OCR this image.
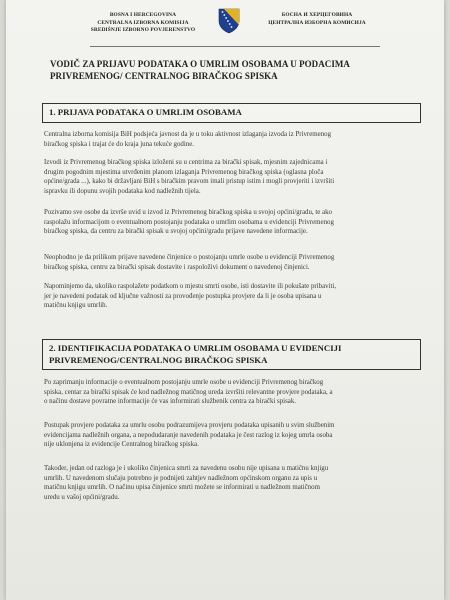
BOSNA I HERCEGOVINA
CENTRALNA IZBORNA KOMISIJA
SREDIŠNJE IZBORNO POVJERENSTVO
БОСНА И ХЕРЦЕГОВИНА
ЦЕНТРАЛНА ИЗБОРНА КОМИСИЈА
VODIČ ZA PRIJAVU PODATAKA O UMRLIM OSOBAMA U PODACIMA
PRIVREMENOG/ CENTRALNOG BIRAČKOG SPISKA
1. PRIJAVA PODATAKA O UMRLIM OSOBAMA
Centralna izborna komisija BiH podsjeća javnost da je u toku aktivnost izlaganja izvoda iz Privremenog
biračkog spiska i trajat će do kraja juna tekuće godine.
Izvodi iz Privremenog biračkog spiska izloženi su u centrima za birački spisak, mjesnim zajednicama i
drugim pogodnim mjestima utvrđenim planom izlaganja Privremenog biračkog spiska (oglasna ploča
općine/grada ...), kako bi državljani BiH s biračkim pravom imali pristup istim i mogli provjeriti i izvršiti
ispravku ili dopunu svojih podataka kod nadležnih tijela.
Pozivamo sve osobe da izvrše uvid u izvod iz Privremenog biračkog spiska u svojoj općini/gradu, te ako
raspolažu informacijom o eventualnom postojanju podataka o umrlim osobama u evidenciji Privremenog
biračkog spiska, da centru za birački spisak u svojoj općini/gradu prijave navedene informacije.
Neophodno je da prilikom prijave navedene činjenice o postojanju umrle osobe u evidenciji Privremenog
biračkog spiska, centru za birački spisak dostavite i raspoloživi dokument o navedenoj činjenici.
Napominjemo da, ukoliko raspolažete podatkom o mjestu smrti osobe, isti dostavite ili pokušate pribaviti,
jer je navedeni podatak od ključne važnosti za provođenje postupka provjere da li je osoba upisana u
matičnu knjigu umrlih.
2. IDENTIFIKACIJA PODATAKA O UMRLIM OSOBAMA U EVIDENCIJI
PRIVREMENOG/CENTRALNOG BIRAČKOG SPISKA
Po zaprimanju informacije o eventualnom postojanju umrle osobe u evidenciji Privremenog biračkog
spiska, centar za birački spisak će kod nadležnog matičnog ureda izvršiti relevantne provjere podataka, a
o načinu dostave povratne informacije će vas informirati službenik centra za birački spisak.
Postupak provjere podataka za umrlu osobu podrazumijeva provjeru podataka upisanih u svim službenim
evidencijama nadležnih organa, a nepodudaranje navedenih podataka je čest razlog iz kojeg umrla osoba
nije uklonjena iz evidencije Centralnog biračkog spiska.
Također, jedan od razloga je i ukoliko činjenica smrti za navedenu osobu nije upisana u matičnu knjigu
umrlih. U navedenom slučaju potrebno je podnijeti zahtjev nadležnom općinskom organu za upis u
matičnu knjigu umrlih. O načinu upisa činjenice smrti možete se informirati u nadležnom matičnom
uredu u vašoj općini/gradu.
